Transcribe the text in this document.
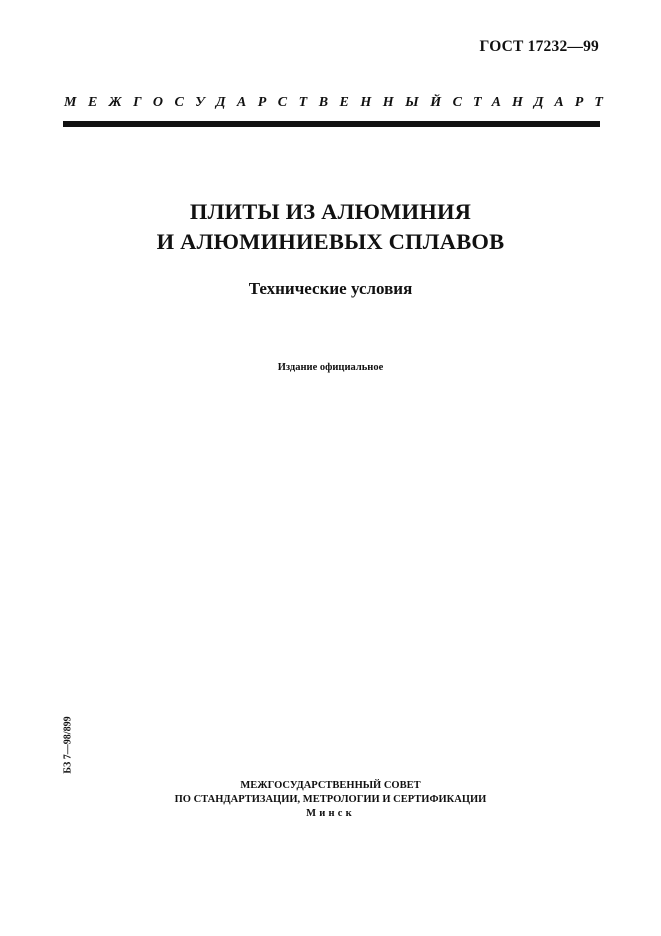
ГОСТ 17232—99
МЕЖГОСУДАРСТВЕННЫЙ СТАНДАРТ
ПЛИТЫ ИЗ АЛЮМИНИЯ
И АЛЮМИНИЕВЫХ СПЛАВОВ
Технические условия
Издание официальное
БЗ 7—98/899
МЕЖГОСУДАРСТВЕННЫЙ СОВЕТ
ПО СТАНДАРТИЗАЦИИ, МЕТРОЛОГИИ И СЕРТИФИКАЦИИ
Минск
